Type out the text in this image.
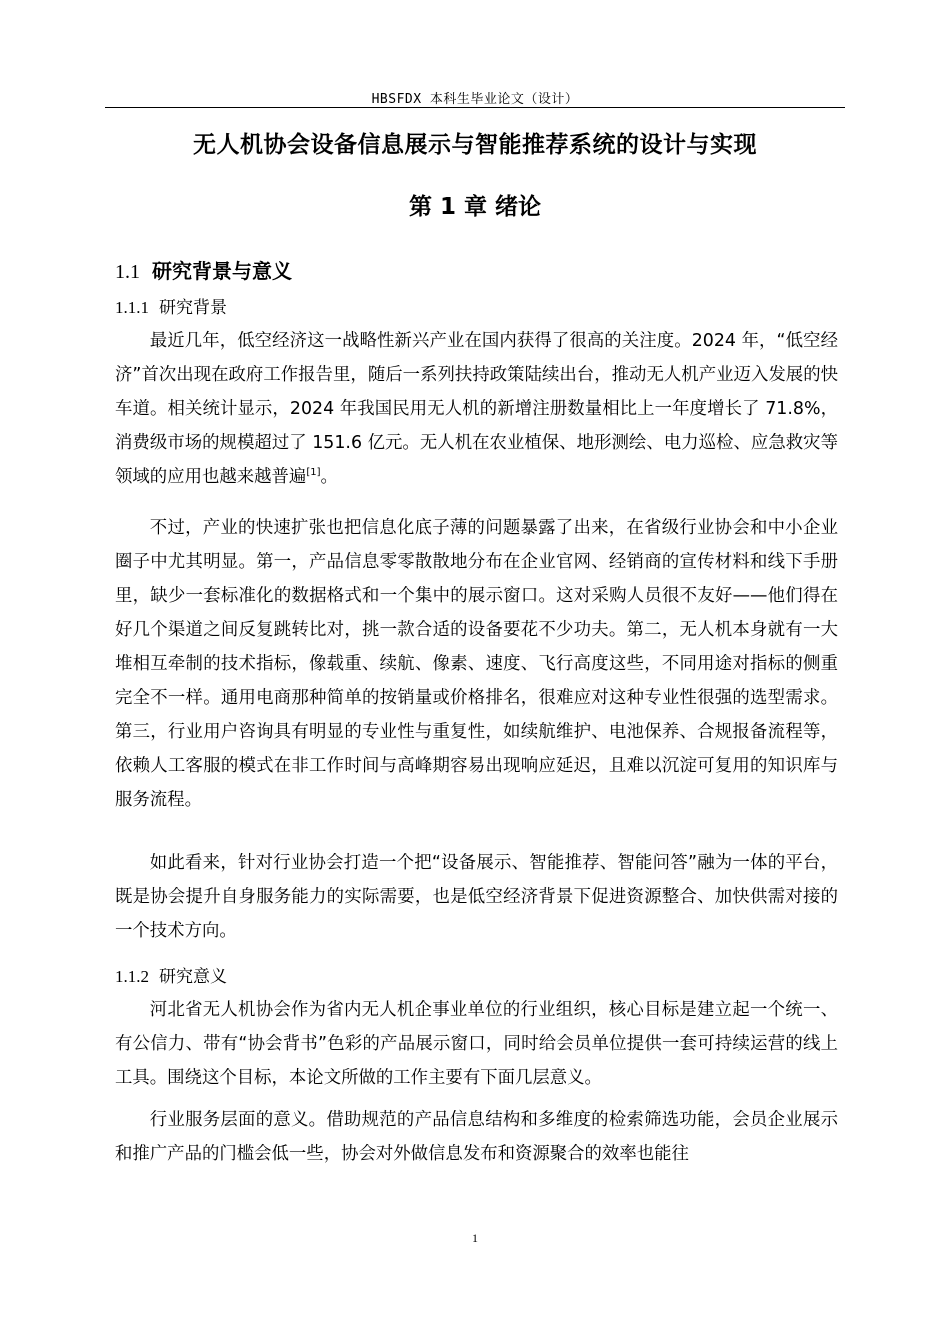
HBSFDX 本科生毕业论文（设计）
无人机协会设备信息展示与智能推荐系统的设计与实现
第 1 章 绪论
1.1 研究背景与意义
1.1.1 研究背景
最近几年，低空经济这一战略性新兴产业在国内获得了很高的关注度。2024 年，“低空经济”首次出现在政府工作报告里，随后一系列扶持政策陆续出台，推动无人机产业迈入发展的快车道。相关统计显示，2024 年我国民用无人机的新增注册数量相比上一年度增长了 71.8%，消费级市场的规模超过了 151.6 亿元。无人机在农业植保、地形测绘、电力巡检、应急救灾等领域的应用也越来越普遍[1]。
不过，产业的快速扩张也把信息化底子薄的问题暴露了出来，在省级行业协会和中小企业圈子中尤其明显。第一，产品信息零零散散地分布在企业官网、经销商的宣传材料和线下手册里，缺少一套标准化的数据格式和一个集中的展示窗口。这对采购人员很不友好——他们得在好几个渠道之间反复跳转比对，挑一款合适的设备要花不少功夫。第二，无人机本身就有一大堆相互牵制的技术指标，像载重、续航、像素、速度、飞行高度这些，不同用途对指标的侧重完全不一样。通用电商那种简单的按销量或价格排名，很难应对这种专业性很强的选型需求。第三，行业用户咨询具有明显的专业性与重复性，如续航维护、电池保养、合规报备流程等，依赖人工客服的模式在非工作时间与高峰期容易出现响应延迟，且难以沉淀可复用的知识库与服务流程。
如此看来，针对行业协会打造一个把“设备展示、智能推荐、智能问答”融为一体的平台，既是协会提升自身服务能力的实际需要，也是低空经济背景下促进资源整合、加快供需对接的一个技术方向。
1.1.2 研究意义
河北省无人机协会作为省内无人机企事业单位的行业组织，核心目标是建立起一个统一、有公信力、带有“协会背书”色彩的产品展示窗口，同时给会员单位提供一套可持续运营的线上工具。围绕这个目标，本论文所做的工作主要有下面几层意义。
行业服务层面的意义。借助规范的产品信息结构和多维度的检索筛选功能，会员企业展示和推广产品的门槛会低一些，协会对外做信息发布和资源聚合的效率也能往
1
